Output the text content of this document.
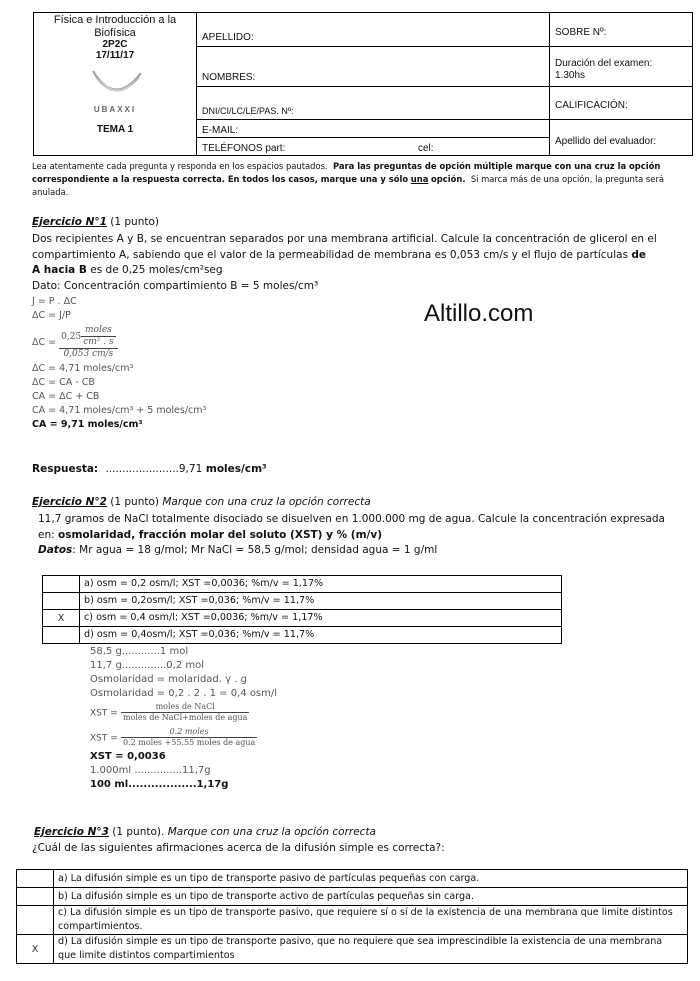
Física e Introducción a la
Biofísica
2P2C
17/11/17
UBAXXI
TEMA 1
APELLIDO:
NOMBRES:
DNI/CI/LC/LE/PAS. Nº:
E-MAIL:
TELÉFONOS part:	cel:
SOBRE Nº:
Duración del examen:
1.30hs
CALIFICACIÓN:
Apellido del evaluador:
Lea atentamente cada pregunta y responda en los espacios pautados. Para las preguntas de opción múltiple marque con una cruz la opción correspondiente a la respuesta correcta. En todos los casos, marque una y sólo una opción. Si marca más de una opción, la pregunta será anulada.
Altillo.com
Ejercicio N°1 (1 punto)
Dos recipientes A y B, se encuentran separados por una membrana artificial. Calcule la concentración de glicerol en el
compartimiento A, sabiendo que el valor de la permeabilidad de membrana es 0,053 cm/s y el flujo de partículas de
A hacia B es de 0,25 moles/cm²seg
Dato: Concentración compartimiento B = 5 moles/cm³
J = P . ΔC
ΔC = J/P
$\Delta C = \frac{0,25 \frac{\text{moles}}{\text{cm² . s}}}{0,053 cm/s}$
ΔC = 4,71 moles/cm³
ΔC = CA - CB
CA = ΔC + CB
CA = 4,71 moles/cm³ + 5 moles/cm³
CA = 9,71 moles/cm³
Respuesta: ......................9,71 moles/cm³
Ejercicio N°2 (1 punto) Marque con una cruz la opción correcta
11,7 gramos de NaCl totalmente disociado se disuelven en 1.000.000 mg de agua. Calcule la concentración expresada
en: osmolaridad, fracción molar del soluto (XST) y % (m/v)
Datos: Mr agua = 18 g/mol; Mr NaCl = 58,5 g/mol; densidad agua = 1 g/ml
	a) osm = 0,2 osm/l; XST =0,0036; %m/v = 1,17%
	b) osm = 0,2osm/l; XST =0,036; %m/v = 11,7%
X	c) osm = 0,4 osm/l; XST =0,0036; %m/v = 1,17%
	d) osm = 0,4osm/l; XST =0,036; %m/v = 11,7%
58,5 g............1 mol
11,7 g..............0,2 mol
Osmolaridad = molaridad. γ . g
Osmolaridad = 0,2 . 2 . 1 = 0,4 osm/l
XST = $\frac{\text{moles de NaCl}}{\text{moles de NaCl+moles de agua}}$
XST = $\frac{\text{0.2 moles}}{\text{0.2 moles +55.55 moles de agua}}$
XST = 0,0036
1.000ml ...............11,7g
100 ml..................1,17g
Ejercicio N°3 (1 punto). Marque con una cruz la opción correcta
¿Cuál de las siguientes afirmaciones acerca de la difusión simple es correcta?:
	a) La difusión simple es un tipo de transporte pasivo de partículas pequeñas con carga.
	b) La difusión simple es un tipo de transporte activo de partículas pequeñas sin carga.
	c) La difusión simple es un tipo de transporte pasivo, que requiere sí o sí de la existencia de una membrana que limite distintos compartimientos.
X	d) La difusión simple es un tipo de transporte pasivo, que no requiere que sea imprescindible la existencia de una membrana que limite distintos compartimientos
